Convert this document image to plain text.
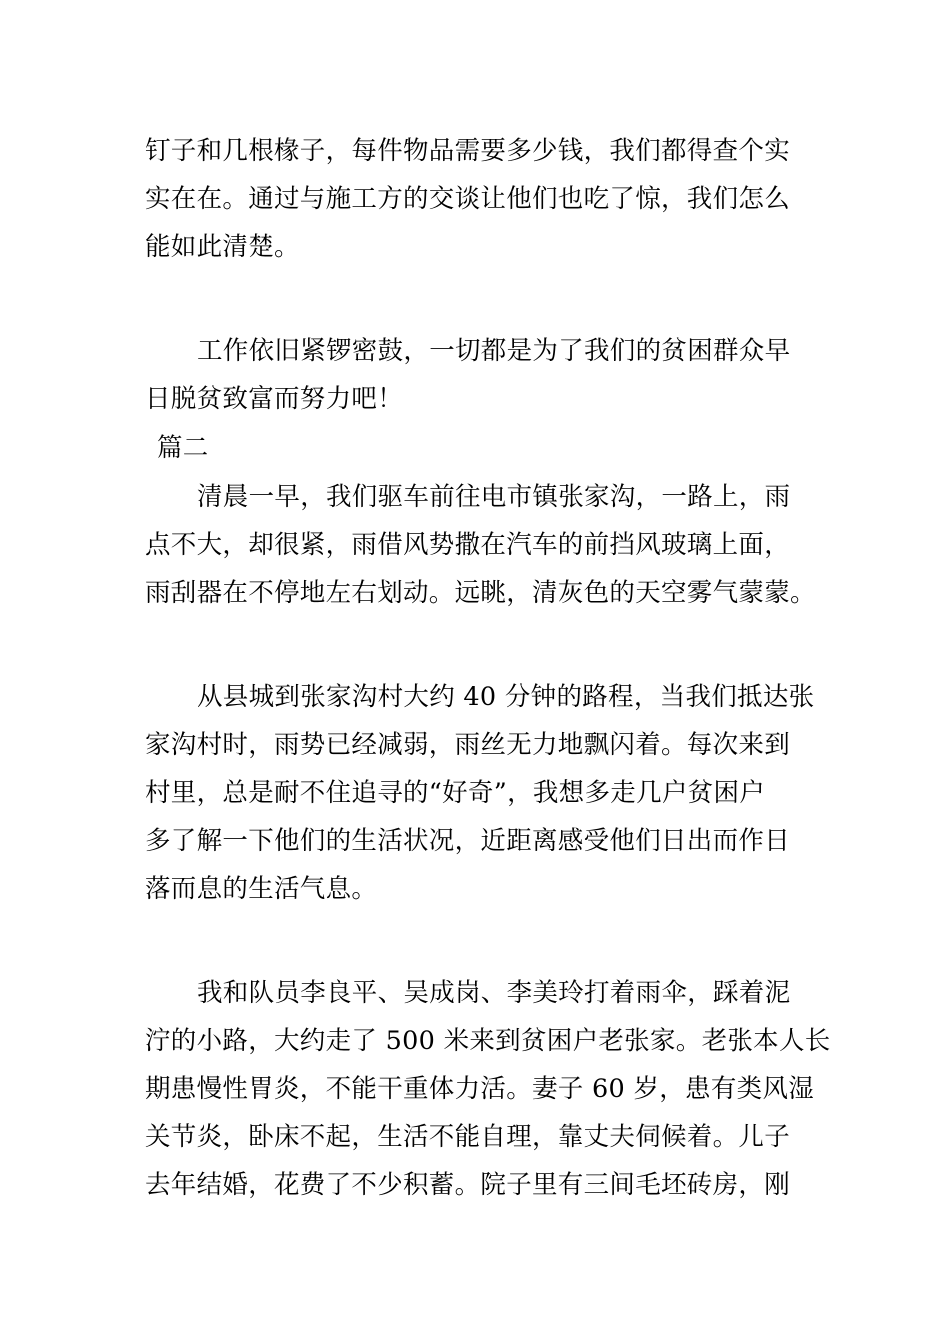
钉子和几根椽子，每件物品需要多少钱，我们都得查个实
实在在。通过与施工方的交谈让他们也吃了惊，我们怎么
能如此清楚。
工作依旧紧锣密鼓，一切都是为了我们的贫困群众早
日脱贫致富而努力吧！
篇二
清晨一早，我们驱车前往电市镇张家沟，一路上，雨
点不大，却很紧，雨借风势撒在汽车的前挡风玻璃上面，
雨刮器在不停地左右划动。远眺，清灰色的天空雾气蒙蒙。
从县城到张家沟村大约 40 分钟的路程，当我们抵达张
家沟村时，雨势已经减弱，雨丝无力地飘闪着。每次来到
村里，总是耐不住追寻的“好奇”，我想多走几户贫困户
多了解一下他们的生活状况，近距离感受他们日出而作日
落而息的生活气息。
我和队员李良平、吴成岗、李美玲打着雨伞，踩着泥
泞的小路，大约走了 500 米来到贫困户老张家。老张本人长
期患慢性胃炎，不能干重体力活。妻子 60 岁，患有类风湿
关节炎，卧床不起，生活不能自理，靠丈夫伺候着。儿子
去年结婚，花费了不少积蓄。院子里有三间毛坯砖房，刚
